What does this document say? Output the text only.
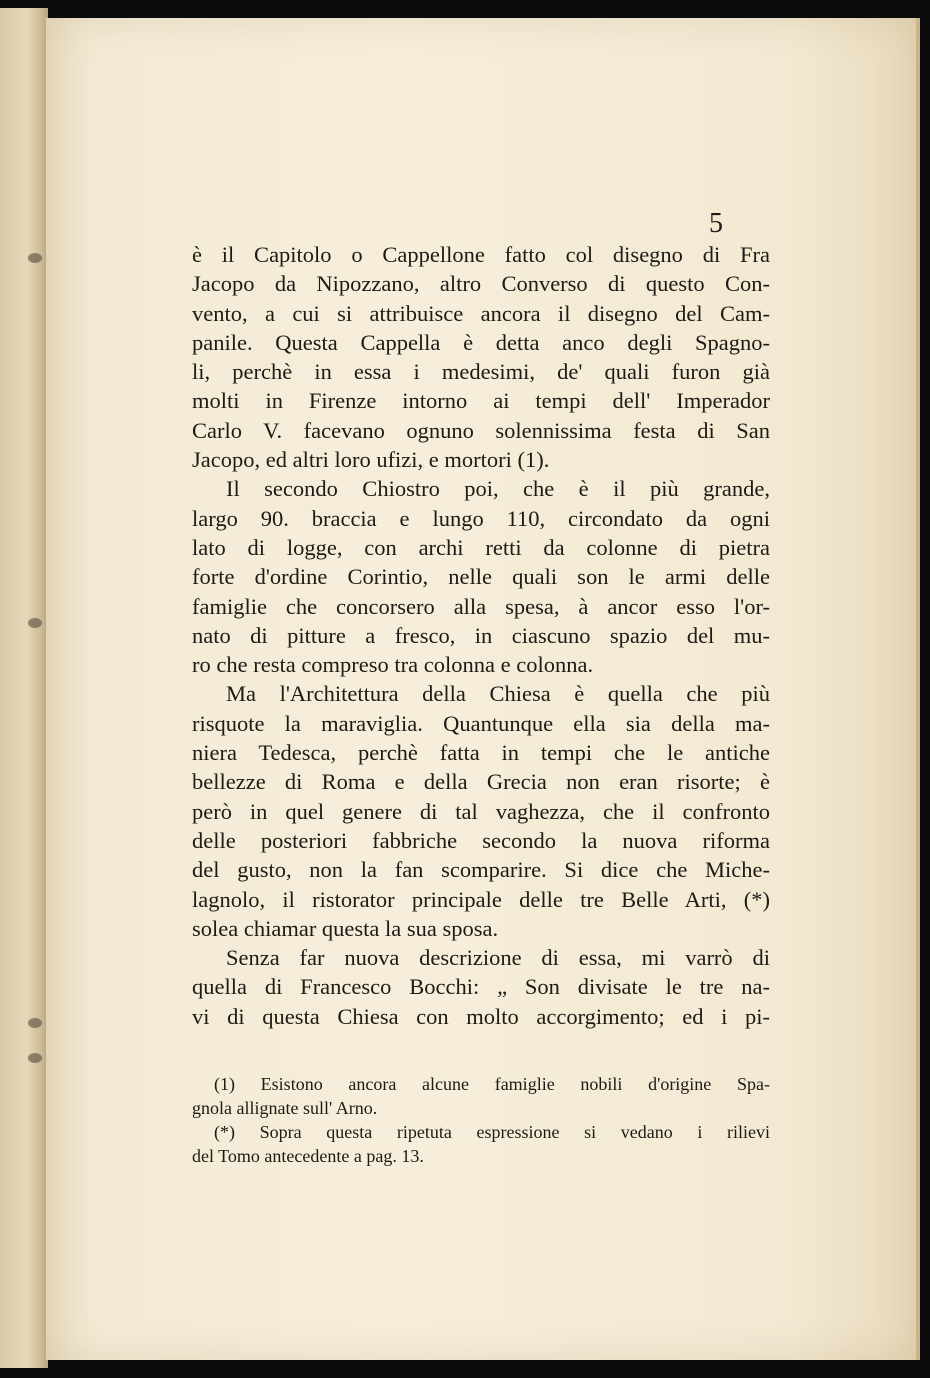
5

è il Capitolo o Cappellone fatto col disegno di Fra
Jacopo da Nipozzano, altro Converso di questo Con-
vento, a cui si attribuisce ancora il disegno del Cam-
panile. Questa Cappella è detta anco degli Spagno-
li, perchè in essa i medesimi, de' quali furon già
molti in Firenze intorno ai tempi dell' Imperador
Carlo V. facevano ognuno solennissima festa di San
Jacopo, ed altri loro ufizi, e mortori (1).
Il secondo Chiostro poi, che è il più grande,
largo 90. braccia e lungo 110, circondato da ogni
lato di logge, con archi retti da colonne di pietra
forte d'ordine Corintio, nelle quali son le armi delle
famiglie che concorsero alla spesa, à ancor esso l'or-
nato di pitture a fresco, in ciascuno spazio del mu-
ro che resta compreso tra colonna e colonna.
Ma l'Architettura della Chiesa è quella che più
risquote la maraviglia. Quantunque ella sia della ma-
niera Tedesca, perchè fatta in tempi che le antiche
bellezze di Roma e della Grecia non eran risorte; è
però in quel genere di tal vaghezza, che il confronto
delle posteriori fabbriche secondo la nuova riforma
del gusto, non la fan scomparire. Si dice che Miche-
lagnolo, il ristorator principale delle tre Belle Arti, (*)
solea chiamar questa la sua sposa.
Senza far nuova descrizione di essa, mi varrò di
quella di Francesco Bocchi: „ Son divisate le tre na-
vi di questa Chiesa con molto accorgimento; ed i pi-
(1) Esistono ancora alcune famiglie nobili d'origine Spa-
gnola allignate sull' Arno.
(*) Sopra questa ripetuta espressione si vedano i rilievi
del Tomo antecedente a pag. 13.
